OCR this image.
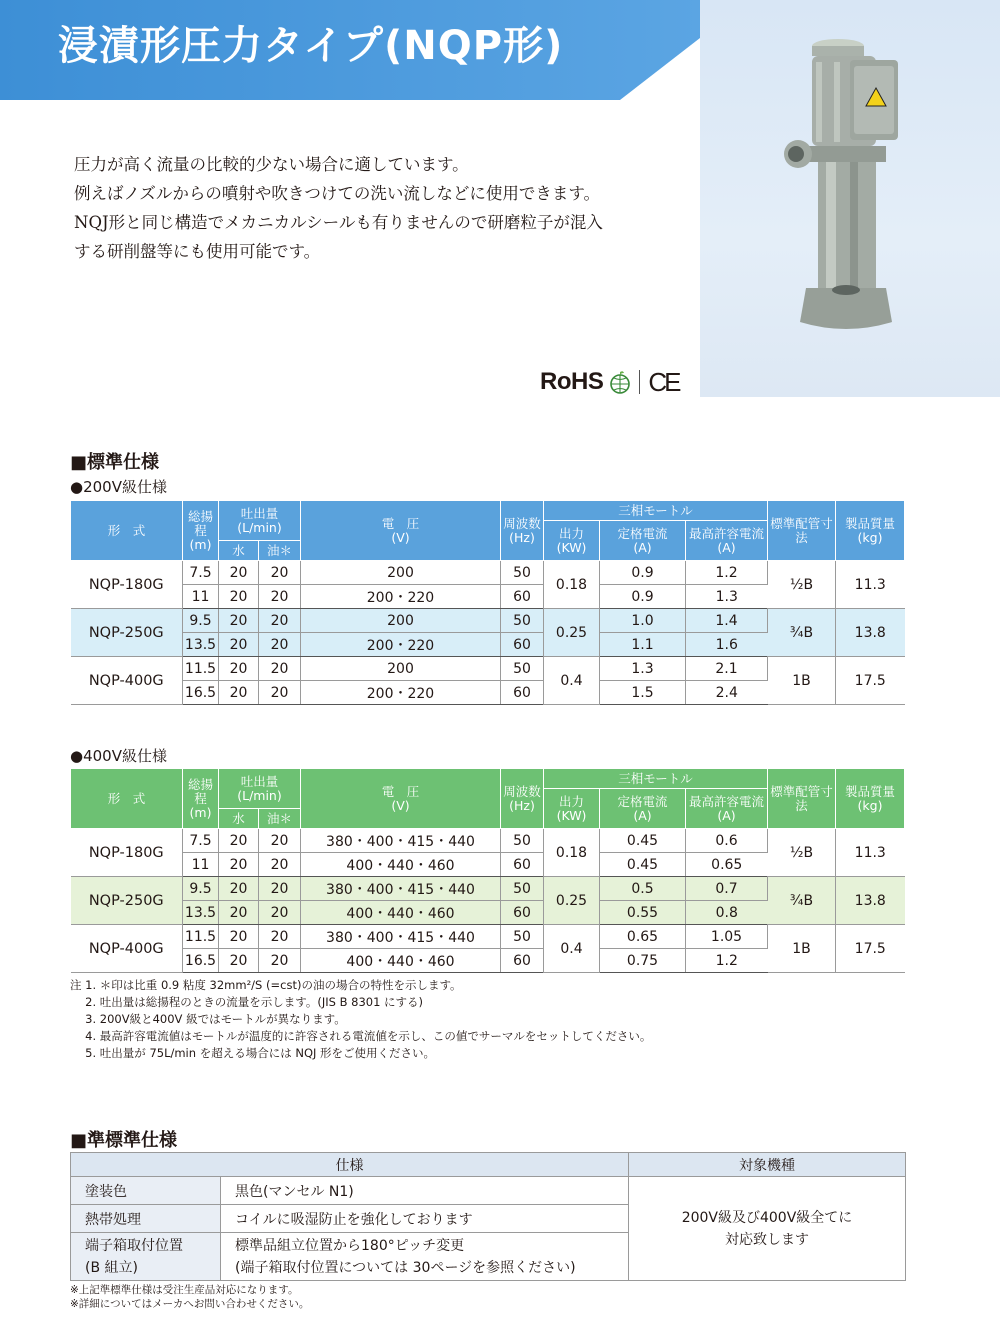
浸漬形圧力タイプ(NQP形)
圧力が高く流量の比較的少ない場合に適しています。
例えばノズルからの噴射や吹きつけての洗い流しなどに使用できます。
NQJ形と同じ構造でメカニカルシールも有りませんので研磨粒子が混入
する研削盤等にも使用可能です。
RoHS CE
■標準仕様
●200V級仕様
形　式	総揚程
(m)	吐出量
(L/min)		電　圧
(V)	周波数
(Hz)	三相モートル			標準配管寸法	製品質量
(kg)
						出力
(KW)	定格電流
(A)	最高許容電流
(A)		
		水	油＊							
NQP-180G	7.5	20	20	200	50	0.18	0.9	1.2	½B	11.3
	11	20	20	200・220	60		0.9	1.3		
NQP-250G	9.5	20	20	200	50	0.25	1.0	1.4	¾B	13.8
	13.5	20	20	200・220	60		1.1	1.6		
NQP-400G	11.5	20	20	200	50	0.4	1.3	2.1	1B	17.5
	16.5	20	20	200・220	60		1.5	2.4		
●400V級仕様
形　式	総揚程
(m)	吐出量
(L/min)		電　圧
(V)	周波数
(Hz)	三相モートル			標準配管寸法	製品質量
(kg)
						出力
(KW)	定格電流
(A)	最高許容電流
(A)		
		水	油＊							
NQP-180G	7.5	20	20	380・400・415・440	50	0.18	0.45	0.6	½B	11.3
	11	20	20	400・440・460	60		0.45	0.65		
NQP-250G	9.5	20	20	380・400・415・440	50	0.25	0.5	0.7	¾B	13.8
	13.5	20	20	400・440・460	60		0.55	0.8		
NQP-400G	11.5	20	20	380・400・415・440	50	0.4	0.65	1.05	1B	17.5
	16.5	20	20	400・440・460	60		0.75	1.2		
注 1. ＊印は比重 0.9 粘度 32mm²/S (=cst)の油の場合の特性を示します。
　 2. 吐出量は総揚程のときの流量を示します。(JIS B 8301 にする)
　 3. 200V級と400V 級ではモートルが異なります。
　 4. 最高許容電流値はモートルが温度的に許容される電流値を示し、この値でサーマルをセットしてください。
　 5. 吐出量が 75L/min を超える場合には NQJ 形をご使用ください。
■準標準仕様
仕様		対象機種
塗装色	黒色(マンセル N1)	200V級及び400V級全てに
対応致します
熱帯処理	コイルに吸湿防止を強化しております	
端子箱取付位置
(B 組立)	標準品組立位置から180°ピッチ変更
(端子箱取付位置については 30ページを参照ください)	
※上記準標準仕様は受注生産品対応になります。
※詳細についてはメーカへお問い合わせください。
